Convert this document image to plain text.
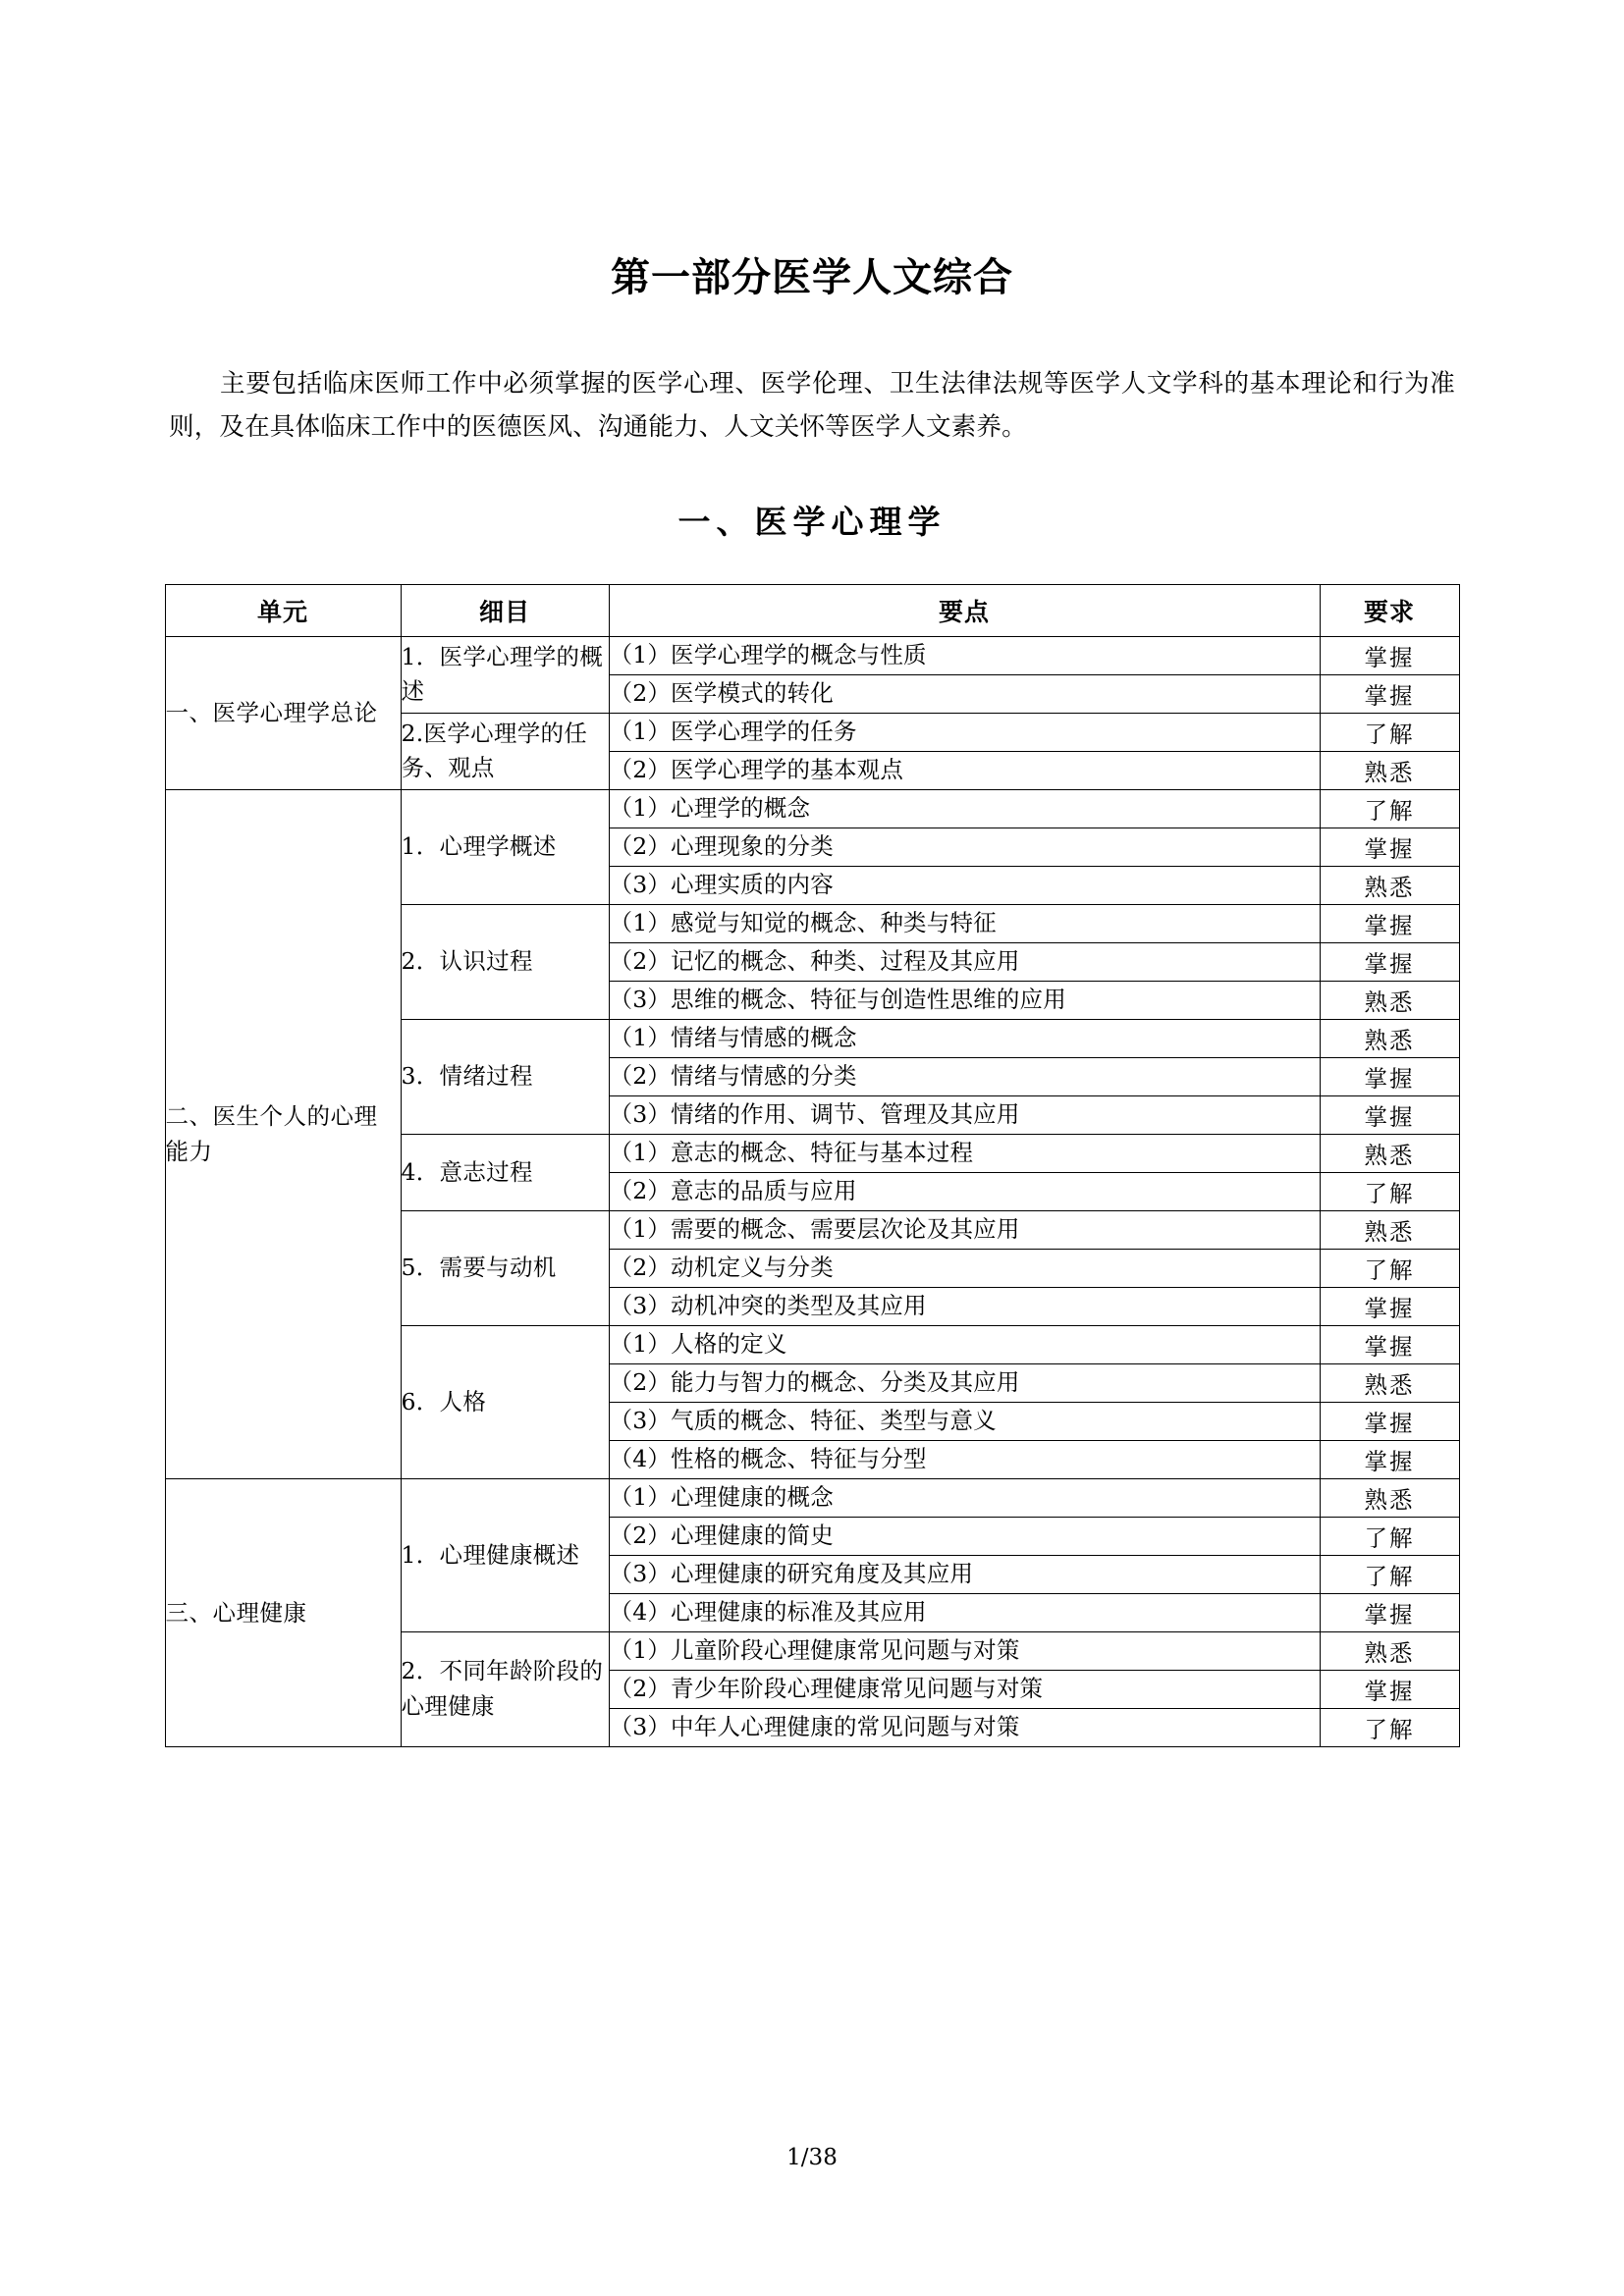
第一部分医学人文综合

主要包括临床医师工作中必须掌握的医学心理、医学伦理、卫生法律法规等医学人文学科的基本理论和行为准则，及在具体临床工作中的医德医风、沟通能力、人文关怀等医学人文素养。

一、医学心理学
单元	细目	要点	要求
一、医学心理学总论	1．医学心理学的概述	（1）医学心理学的概念与性质	掌握
		（2）医学模式的转化	掌握
	2.医学心理学的任务、观点	（1）医学心理学的任务	了解
		（2）医学心理学的基本观点	熟悉
二、医生个人的心理能力	1．心理学概述	（1）心理学的概念	了解
		（2）心理现象的分类	掌握
		（3）心理实质的内容	熟悉
	2．认识过程	（1）感觉与知觉的概念、种类与特征	掌握
		（2）记忆的概念、种类、过程及其应用	掌握
		（3）思维的概念、特征与创造性思维的应用	熟悉
	3．情绪过程	（1）情绪与情感的概念	熟悉
		（2）情绪与情感的分类	掌握
		（3）情绪的作用、调节、管理及其应用	掌握
	4．意志过程	（1）意志的概念、特征与基本过程	熟悉
		（2）意志的品质与应用	了解
	5．需要与动机	（1）需要的概念、需要层次论及其应用	熟悉
		（2）动机定义与分类	了解
		（3）动机冲突的类型及其应用	掌握
	6．人格	（1）人格的定义	掌握
		（2）能力与智力的概念、分类及其应用	熟悉
		（3）气质的概念、特征、类型与意义	掌握
		（4）性格的概念、特征与分型	掌握
三、心理健康	1．心理健康概述	（1）心理健康的概念	熟悉
		（2）心理健康的简史	了解
		（3）心理健康的研究角度及其应用	了解
		（4）心理健康的标准及其应用	掌握
	2．不同年龄阶段的心理健康	（1）儿童阶段心理健康常见问题与对策	熟悉
		（2）青少年阶段心理健康常见问题与对策	掌握
		（3）中年人心理健康的常见问题与对策	了解
1/38
